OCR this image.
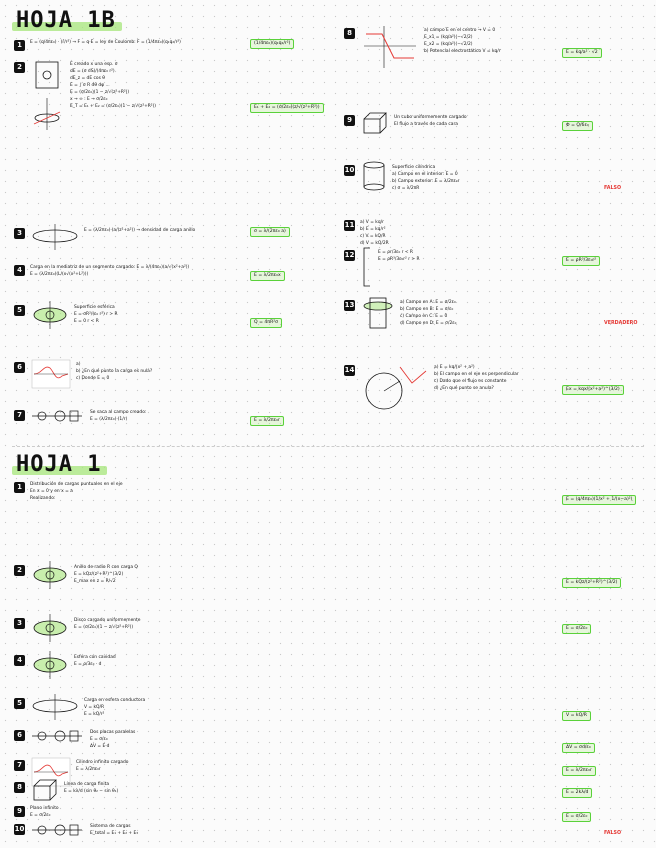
HOJA 1B
HOJA 1
1	E = (q/4πε₀) · (r̂/r²) → F = q·E = ley de Coulomb: F = (1/4πε₀)(q₁q₂/r²)	(1/4πε₀)(q₁q₂/r²)
2	E creado x una esp. σ
dE = (σ dS)/(4πε₀ r²)
dE_z = dE cos θ
E = ∫ σ R dθ dφ ...
E = (σ/2ε₀)(1 − z/√(z²+R²))
x → ∞ : E → σ/2ε₀
E_T = E₁ + E₂ = (σ/2ε₀)(1 − z/√(z²+R²))	E₁ + E₂ = (σ/2ε₀)(z/√(z²+R²))
3	E = (λ/2πε₀)·(a/(z²+a²)) → densidad de carga anillo	σ = λ/(2πε₀ a)
4	Carga en la mediatriz de un segmento cargado: E = λ/(4πε₀)(a/√(x²+a²))
E = (λ/2πε₀)(L/(x√(x²+L²)))	E = λ/2πε₀x
5	Superficie esférica
E = σR²/(ε₀ r²) r > R
E = 0 r < R	Q = 4πR²σ
6	a)
b) ¿En qué punto la carga es nula?
c) Donde E = 0
7	Se saca al campo creado:
E = (λ/2πε₀)·(1/r)	E = λ/2πε₀r
8	a) campo E en el centro → V = 0
E_x1 = (kq/a²)(−√2/2)
E_x2 = (kq/a²)(−√2/2)
b) Potencial electrostático V = kq/r	E = kq/a² · √2
9	Un cubo uniformemente cargado
El flujo a través de cada cara	Φ = Q/6ε₀
10	Superficie cilíndrica
a) Campo en el interior: E = 0
b) Campo exterior: E = λ/2πε₀r
c) σ = λ/2πR	FALSO
11 a) V = kq/r
b) E = kq/r²
c) V = kQ/R
d) V = kQ/2R
12	E = ρr/3ε₀ r < R
E = ρR³/3ε₀r² r > R	E = ρR³/3ε₀r²
13	a) Campo en A: E = σ/2ε₀
b) Campo en B: E = σ/ε₀
c) Campo en C: E = 0
d) Campo en D: E = σ/2ε₀	VERDADERO
14	a) E = kq/(x² + a²)
b) El campo en el eje es perpendicular
c) Dado que el flujo es constante
d) ¿En qué punto se anula?	Ex = kqx/(x²+a²)^(3/2)
1	Distribución de cargas puntuales en el eje
En x = 0 y en x = a
Realizando:	E = (q/4πε₀)(1/x² + 1/(x−a)²)
2	Anillo de radio R con carga Q
E = kQz/(z²+R²)^(3/2)
E_max en z = R/√2	E = kQz/(z²+R²)^(3/2)
3	Disco cargado uniformemente
E = (σ/2ε₀)(1 − z/√(z²+R²))	E = σ/2ε₀
4	Esfera con cavidad
E = ρ/3ε₀ · d
5	Carga en esfera conductora
V = kQ/R
E = kQ/r²	V = kQ/R
6	Dos placas paralelas
E = σ/ε₀
ΔV = E·d	ΔV = σd/ε₀
7	Cilindro infinito cargado
E = λ/2πε₀r	E = λ/2πε₀r
8	Línea de carga finita
E = kλ/d (sin θ₂ − sin θ₁)	E = 2kλ/d
9	Plano infinito
E = σ/2ε₀	E = σ/2ε₀
10	Sistema de cargas
E_total = E₁ + E₂ + E₃	FALSO
